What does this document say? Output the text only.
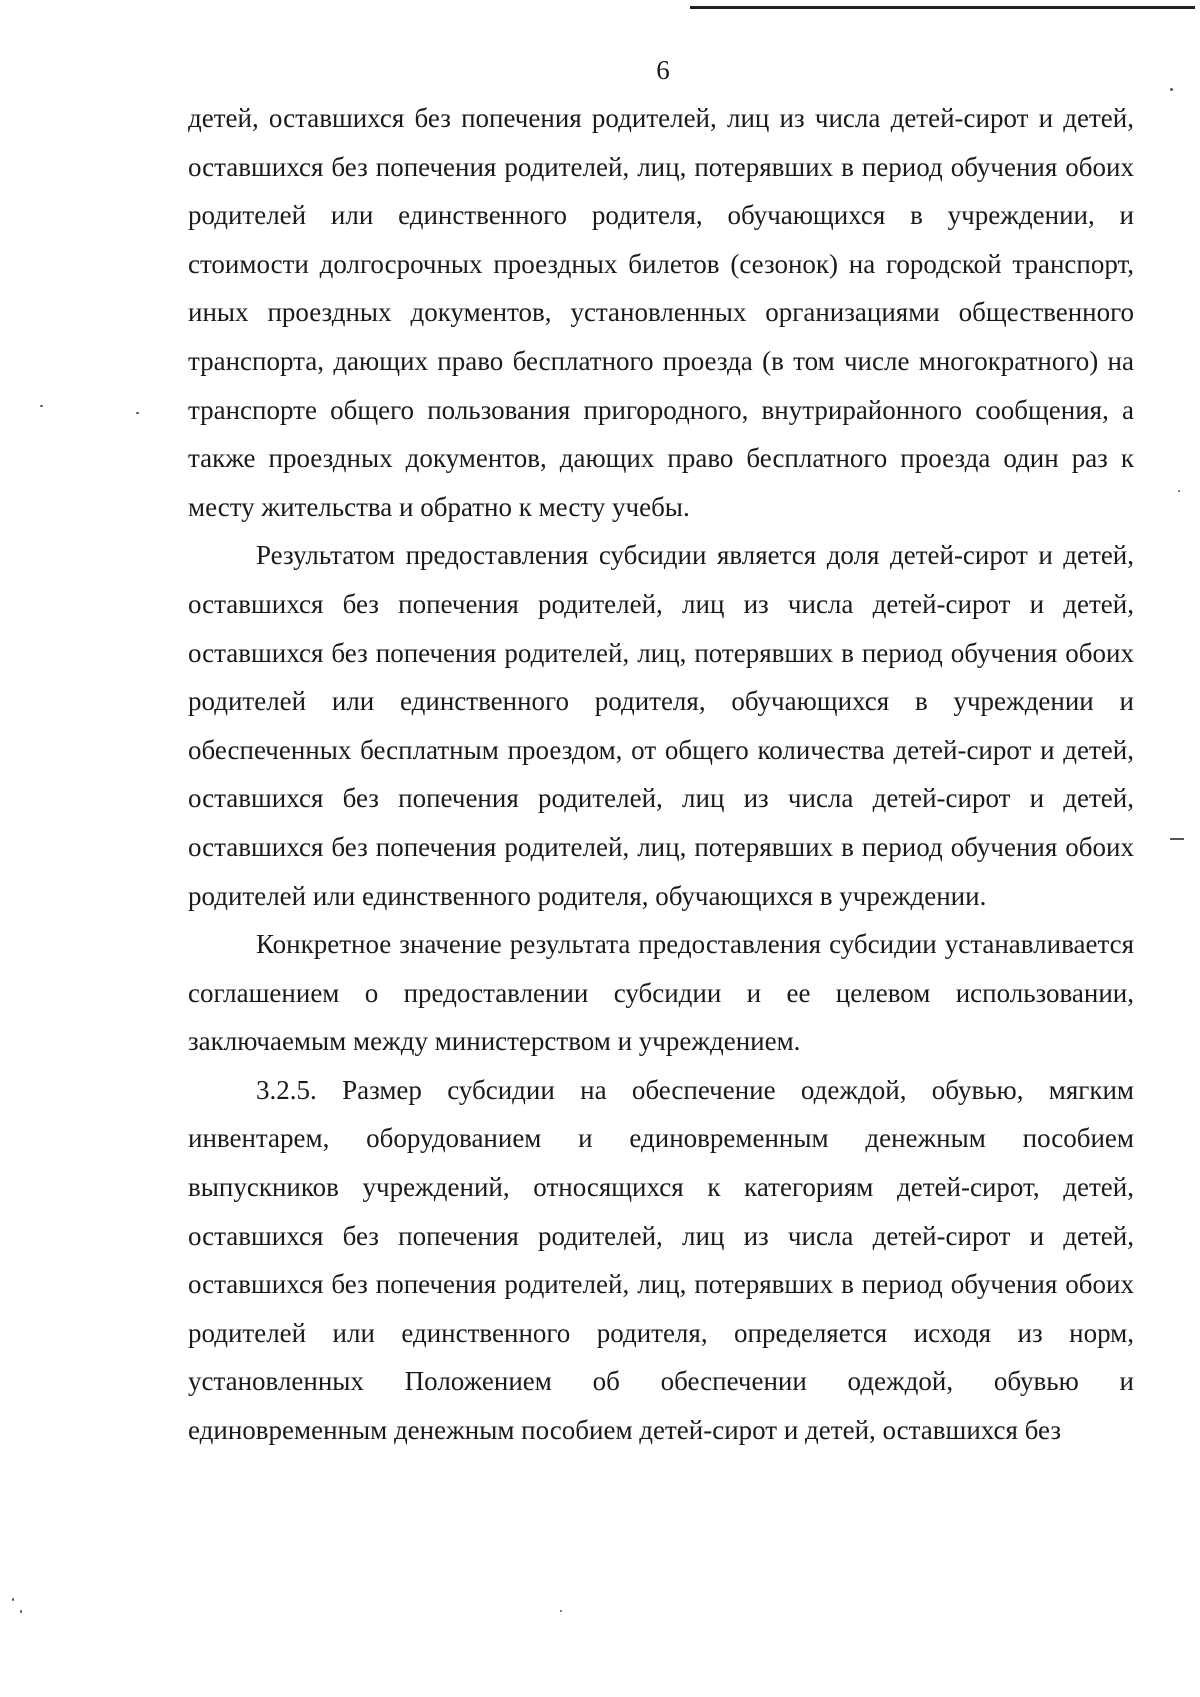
6

детей, оставшихся без попечения родителей, лиц из числа детей-сирот и детей, оставшихся без попечения родителей, лиц, потерявших в период обучения обоих родителей или единственного родителя, обучающихся в учреждении, и стоимости долгосрочных проездных билетов (сезонок) на городской транспорт, иных проездных документов, установленных организациями общественного транспорта, дающих право бесплатного проезда (в том числе многократного) на транспорте общего пользования пригородного, внутрирайонного сообщения, а также проездных документов, дающих право бесплатного проезда один раз к месту жительства и обратно к месту учебы.

Результатом предоставления субсидии является доля детей-сирот и детей, оставшихся без попечения родителей, лиц из числа детей-сирот и детей, оставшихся без попечения родителей, лиц, потерявших в период обучения обоих родителей или единственного родителя, обучающихся в учреждении и обеспеченных бесплатным проездом, от общего количества детей-сирот и детей, оставшихся без попечения родителей, лиц из числа детей-сирот и детей, оставшихся без попечения родителей, лиц, потерявших в период обучения обоих родителей или единственного родителя, обучающихся в учреждении.

Конкретное значение результата предоставления субсидии устанавливается соглашением о предоставлении субсидии и ее целевом использовании, заключаемым между министерством и учреждением.

3.2.5. Размер субсидии на обеспечение одеждой, обувью, мягким инвентарем, оборудованием и единовременным денежным пособием выпускников учреждений, относящихся к категориям детей-сирот, детей, оставшихся без попечения родителей, лиц из числа детей-сирот и детей, оставшихся без попечения родителей, лиц, потерявших в период обучения обоих родителей или единственного родителя, определяется исходя из норм, установленных Положением об обеспечении одеждой, обувью и единовременным денежным пособием детей-сирот и детей, оставшихся без
